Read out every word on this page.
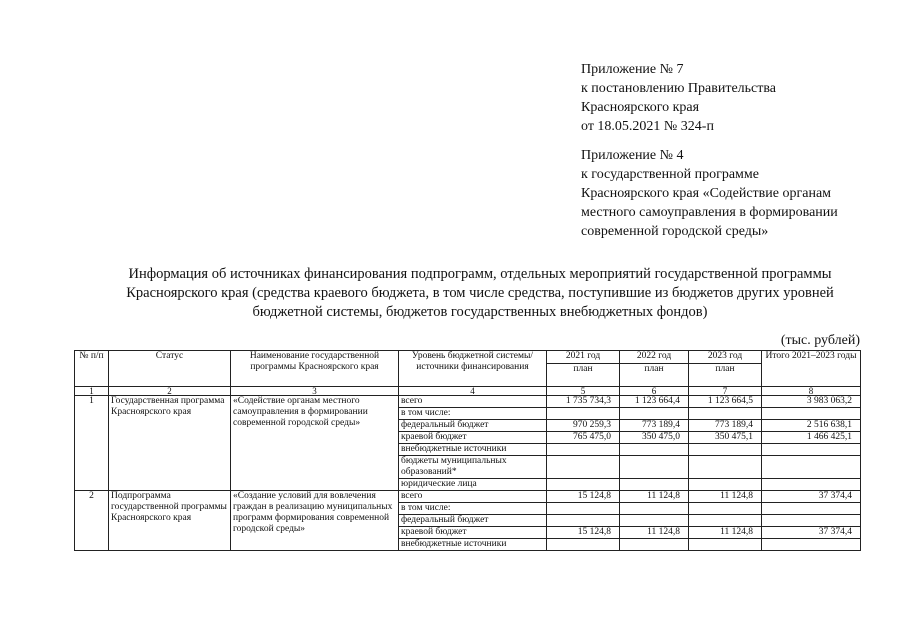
Приложение № 7
к постановлению Правительства
Красноярского края
от 18.05.2021 № 324-п
Приложение № 4
к государственной программе
Красноярского края «Содействие органам
местного самоуправления в формировании
современной городской среды»
Информация об источниках финансирования подпрограмм, отдельных мероприятий государственной программы
Красноярского края (средства краевого бюджета, в том числе средства, поступившие из бюджетов других уровней
бюджетной системы, бюджетов государственных внебюджетных фондов)
(тыс. рублей)
№ п/п	Статус	Наименование государственной программы Красноярского края	Уровень бюджетной системы/источники финансирования	2021 год	2022 год	2023 год	Итого 2021–2023 годы
				план	план	план	
1	2	3	4	5	6	7	8
1	Государственная программа Красноярского края	«Содействие органам местного самоуправления в формировании современной городской среды»	всего	1 735 734,3	1 123 664,4	1 123 664,5	3 983 063,2
			в том числе:				
			федеральный бюджет	970 259,3	773 189,4	773 189,4	2 516 638,1
			краевой бюджет	765 475,0	350 475,0	350 475,1	1 466 425,1
			внебюджетные источники				
			бюджеты муниципальных образований*				
			юридические лица				
2	Подпрограмма государственной программы Красноярского края	«Создание условий для вовлечения граждан в реализацию муниципальных программ формирования современной городской среды»	всего	15 124,8	11 124,8	11 124,8	37 374,4
			в том числе:				
			федеральный бюджет				
			краевой бюджет	15 124,8	11 124,8	11 124,8	37 374,4
			внебюджетные источники				
